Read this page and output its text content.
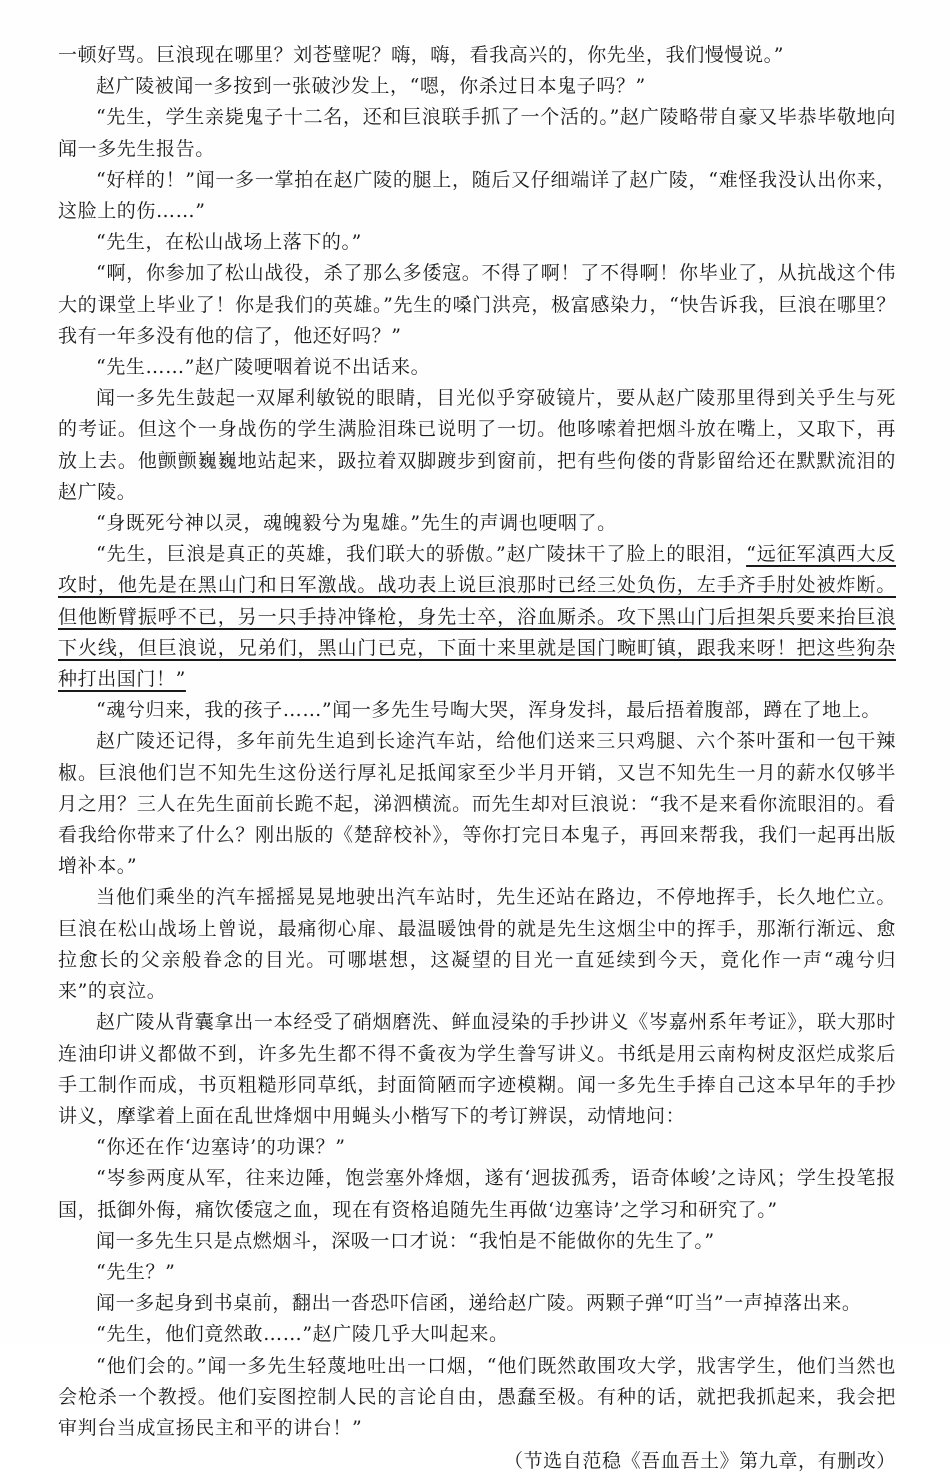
一顿好骂。巨浪现在哪里？刘苍璧呢？嗨，嗨，看我高兴的，你先坐，我们慢慢说。”

赵广陵被闻一多按到一张破沙发上，“嗯，你杀过日本鬼子吗？”

“先生，学生亲毙鬼子十二名，还和巨浪联手抓了一个活的。”赵广陵略带自豪又毕恭毕敬地向闻一多先生报告。

“好样的！”闻一多一掌拍在赵广陵的腿上，随后又仔细端详了赵广陵，“难怪我没认出你来，这脸上的伤……”

“先生，在松山战场上落下的。”

“啊，你参加了松山战役，杀了那么多倭寇。不得了啊！了不得啊！你毕业了，从抗战这个伟大的课堂上毕业了！你是我们的英雄。”先生的嗓门洪亮，极富感染力，“快告诉我，巨浪在哪里？我有一年多没有他的信了，他还好吗？”

“先生……”赵广陵哽咽着说不出话来。

闻一多先生鼓起一双犀利敏锐的眼睛，目光似乎穿破镜片，要从赵广陵那里得到关乎生与死的考证。但这个一身战伤的学生满脸泪珠已说明了一切。他哆嗦着把烟斗放在嘴上，又取下，再放上去。他颤颤巍巍地站起来，趿拉着双脚踱步到窗前，把有些佝偻的背影留给还在默默流泪的赵广陵。

“身既死兮神以灵，魂魄毅兮为鬼雄。”先生的声调也哽咽了。

“先生，巨浪是真正的英雄，我们联大的骄傲。”赵广陵抹干了脸上的眼泪，“远征军滇西大反攻时，他先是在黑山门和日军激战。战功表上说巨浪那时已经三处负伤，左手齐手肘处被炸断。但他断臂振呼不已，另一只手持冲锋枪，身先士卒，浴血厮杀。攻下黑山门后担架兵要来抬巨浪下火线，但巨浪说，兄弟们，黑山门已克，下面十来里就是国门畹町镇，跟我来呀！把这些狗杂种打出国门！”

“魂兮归来，我的孩子……”闻一多先生号啕大哭，浑身发抖，最后捂着腹部，蹲在了地上。

赵广陵还记得，多年前先生追到长途汽车站，给他们送来三只鸡腿、六个茶叶蛋和一包干辣椒。巨浪他们岂不知先生这份送行厚礼足抵闻家至少半月开销，又岂不知先生一月的薪水仅够半月之用？三人在先生面前长跪不起，涕泗横流。而先生却对巨浪说：“我不是来看你流眼泪的。看看我给你带来了什么？刚出版的《楚辞校补》，等你打完日本鬼子，再回来帮我，我们一起再出版增补本。”

当他们乘坐的汽车摇摇晃晃地驶出汽车站时，先生还站在路边，不停地挥手，长久地伫立。巨浪在松山战场上曾说，最痛彻心扉、最温暖蚀骨的就是先生这烟尘中的挥手，那渐行渐远、愈拉愈长的父亲般眷念的目光。可哪堪想，这凝望的目光一直延续到今天，竟化作一声“魂兮归来”的哀泣。

赵广陵从背囊拿出一本经受了硝烟磨洗、鲜血浸染的手抄讲义《岑嘉州系年考证》，联大那时连油印讲义都做不到，许多先生都不得不夤夜为学生誊写讲义。书纸是用云南构树皮沤烂成浆后手工制作而成，书页粗糙形同草纸，封面简陋而字迹模糊。闻一多先生手捧自己这本早年的手抄讲义，摩挲着上面在乱世烽烟中用蝇头小楷写下的考订辨误，动情地问：

“你还在作‘边塞诗’的功课？”

“岑参两度从军，往来边陲，饱尝塞外烽烟，遂有‘迥拔孤秀，语奇体峻’之诗风；学生投笔报国，抵御外侮，痛饮倭寇之血，现在有资格追随先生再做‘边塞诗’之学习和研究了。”

闻一多先生只是点燃烟斗，深吸一口才说：“我怕是不能做你的先生了。”

“先生？”

闻一多起身到书桌前，翻出一沓恐吓信函，递给赵广陵。两颗子弹“叮当”一声掉落出来。

“先生，他们竟然敢……”赵广陵几乎大叫起来。

“他们会的。”闻一多先生轻蔑地吐出一口烟，“他们既然敢围攻大学，戕害学生，他们当然也会枪杀一个教授。他们妄图控制人民的言论自由，愚蠢至极。有种的话，就把我抓起来，我会把审判台当成宣扬民主和平的讲台！”

（节选自范稳《吾血吾土》第九章，有删改）
